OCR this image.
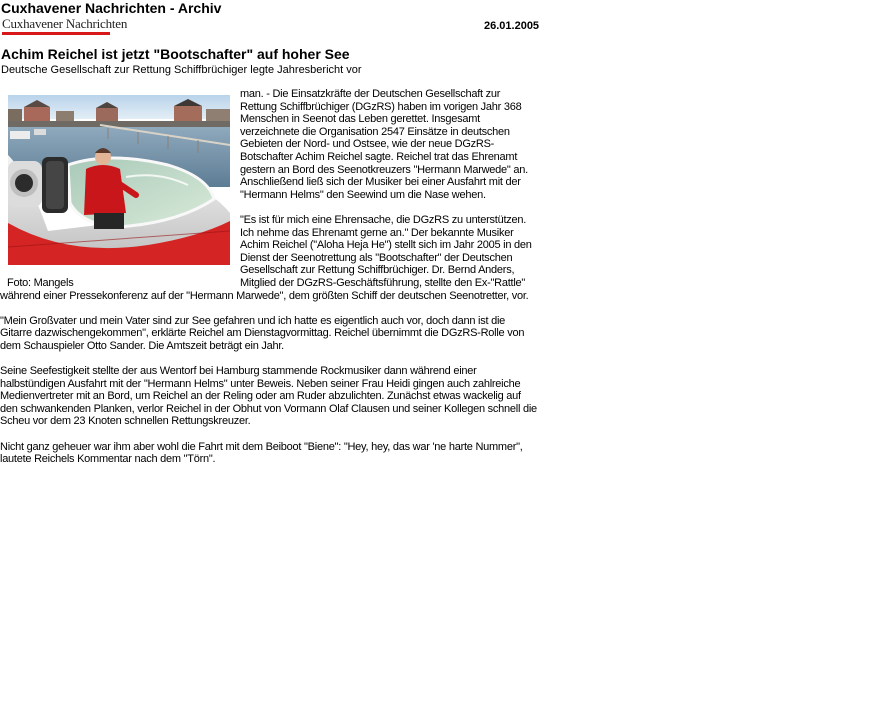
Cuxhavener Nachrichten - Archiv
Cuxhavener Nachrichten	26.01.2005
Achim Reichel ist jetzt "Bootschafter" auf hoher See
Deutsche Gesellschaft zur Rettung Schiffbrüchiger legte Jahresbericht vor
Foto: Mangels

man. - Die Einsatzkräfte der Deutschen Gesellschaft zur Rettung Schiffbrüchiger (DGzRS) haben im vorigen Jahr 368 Menschen in Seenot das Leben gerettet. Insgesamt verzeichnete die Organisation 2547 Einsätze in deutschen Gebieten der Nord- und Ostsee, wie der neue DGzRS-Botschafter Achim Reichel sagte. Reichel trat das Ehrenamt gestern an Bord des Seenotkreuzers "Hermann Marwede" an. Anschließend ließ sich der Musiker bei einer Ausfahrt mit der "Hermann Helms" den Seewind um die Nase wehen.

"Es ist für mich eine Ehrensache, die DGzRS zu unterstützen. Ich nehme das Ehrenamt gerne an." Der bekannte Musiker Achim Reichel ("Aloha Heja He") stellt sich im Jahr 2005 in den Dienst der Seenotrettung als "Bootschafter" der Deutschen Gesellschaft zur Rettung Schiffbrüchiger. Dr. Bernd Anders, Mitglied der DGzRS-Geschäftsführung, stellte den Ex-"Rattle" während einer Pressekonferenz auf der "Hermann Marwede", dem größten Schiff der deutschen Seenotretter, vor.

"Mein Großvater und mein Vater sind zur See gefahren und ich hatte es eigentlich auch vor, doch dann ist die Gitarre dazwischengekommen", erklärte Reichel am Dienstagvormittag. Reichel übernimmt die DGzRS-Rolle von dem Schauspieler Otto Sander. Die Amtszeit beträgt ein Jahr.

Seine Seefestigkeit stellte der aus Wentorf bei Hamburg stammende Rockmusiker dann während einer halbstündigen Ausfahrt mit der "Hermann Helms" unter Beweis. Neben seiner Frau Heidi gingen auch zahlreiche Medienvertreter mit an Bord, um Reichel an der Reling oder am Ruder abzulichten. Zunächst etwas wackelig auf den schwankenden Planken, verlor Reichel in der Obhut von Vormann Olaf Clausen und seiner Kollegen schnell die Scheu vor dem 23 Knoten schnellen Rettungskreuzer.

Nicht ganz geheuer war ihm aber wohl die Fahrt mit dem Beiboot "Biene": "Hey, hey, das war 'ne harte Nummer", lautete Reichels Kommentar nach dem "Törn".
